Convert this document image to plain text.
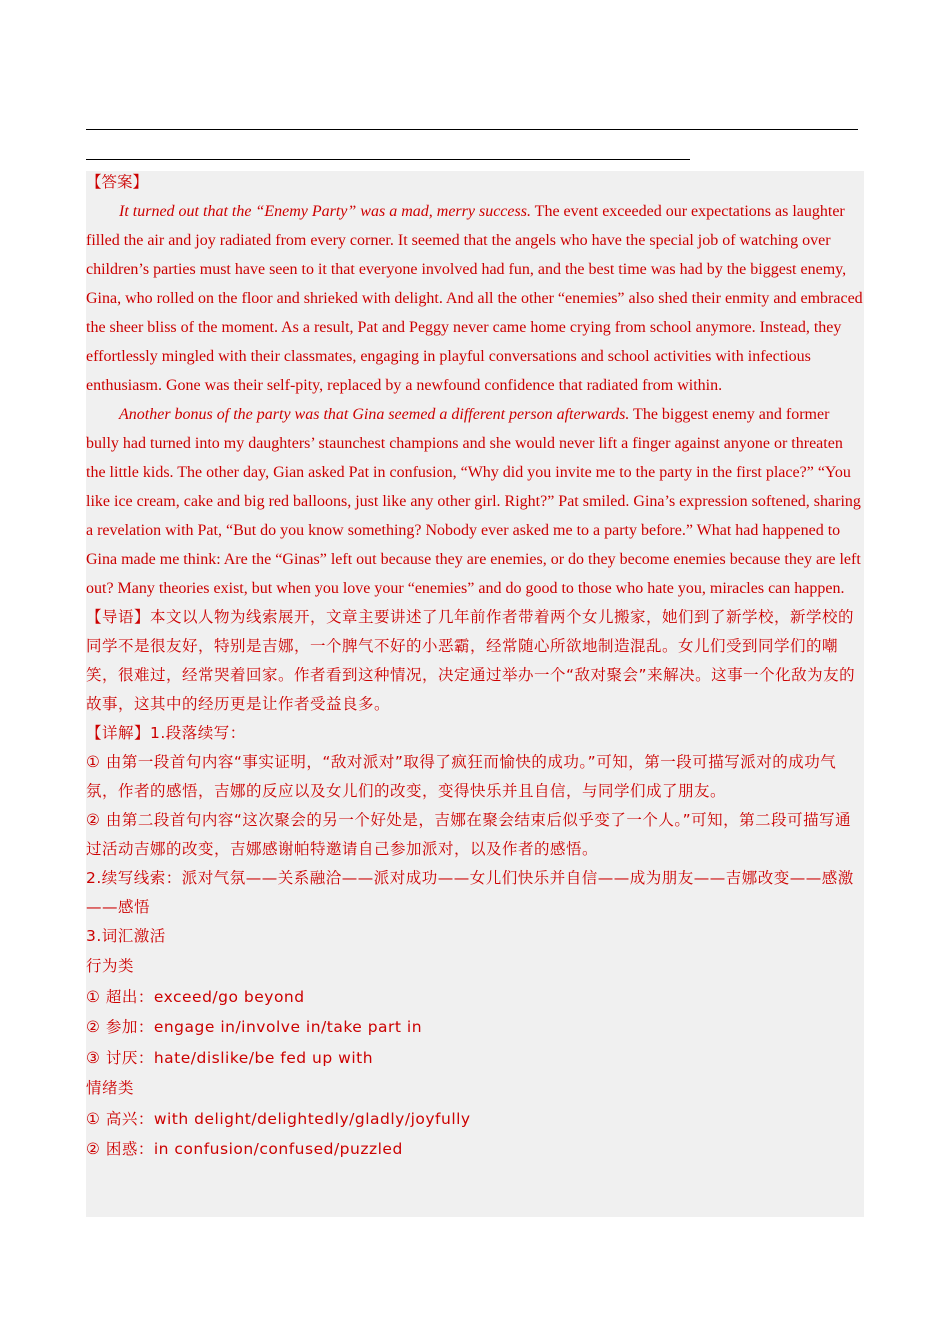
【答案】

It turned out that the “Enemy Party” was a mad, merry success. The event exceeded our expectations as laughter filled the air and joy radiated from every corner. It seemed that the angels who have the special job of watching over children’s parties must have seen to it that everyone involved had fun, and the best time was had by the biggest enemy, Gina, who rolled on the floor and shrieked with delight. And all the other “enemies” also shed their enmity and embraced the sheer bliss of the moment. As a result, Pat and Peggy never came home crying from school anymore. Instead, they effortlessly mingled with their classmates, engaging in playful conversations and school activities with infectious enthusiasm. Gone was their self-pity, replaced by a newfound confidence that radiated from within.

Another bonus of the party was that Gina seemed a different person afterwards. The biggest enemy and former bully had turned into my daughters’ staunchest champions and she would never lift a finger against anyone or threaten the little kids. The other day, Gian asked Pat in confusion, “Why did you invite me to the party in the first place?” “You like ice cream, cake and big red balloons, just like any other girl. Right?” Pat smiled. Gina’s expression softened, sharing a revelation with Pat, “But do you know something? Nobody ever asked me to a party before.” What had happened to Gina made me think: Are the “Ginas” left out because they are enemies, or do they become enemies because they are left out? Many theories exist, but when you love your “enemies” and do good to those who hate you, miracles can happen.

【导语】本文以人物为线索展开，文章主要讲述了几年前作者带着两个女儿搬家，她们到了新学校，新学校的同学不是很友好，特别是吉娜，一个脾气不好的小恶霸，经常随心所欲地制造混乱。女儿们受到同学们的嘲笑，很难过，经常哭着回家。作者看到这种情况，决定通过举办一个“敌对聚会”来解决。这事一个化敌为友的故事，这其中的经历更是让作者受益良多。

【详解】1.段落续写：

① 由第一段首句内容“事实证明，“敌对派对”取得了疯狂而愉快的成功。”可知，第一段可描写派对的成功气氛，作者的感悟，吉娜的反应以及女儿们的改变，变得快乐并且自信，与同学们成了朋友。

② 由第二段首句内容“这次聚会的另一个好处是，吉娜在聚会结束后似乎变了一个人。”可知，第二段可描写通过活动吉娜的改变，吉娜感谢帕特邀请自己参加派对，以及作者的感悟。

2.续写线索：派对气氛——关系融洽——派对成功——女儿们快乐并自信——成为朋友——吉娜改变——感激——感悟

3.词汇激活

行为类

① 超出：exceed/go beyond

② 参加：engage in/involve in/take part in

③ 讨厌：hate/dislike/be fed up with

情绪类

① 高兴：with delight/delightedly/gladly/joyfully

② 困惑：in confusion/confused/puzzled
